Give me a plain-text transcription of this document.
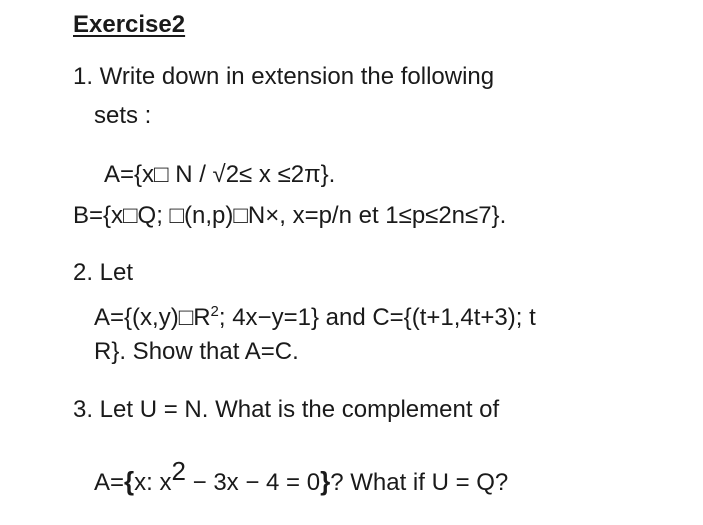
Exercise2
1. Write down in extension the following
sets :
A={x□ N / √2≤ x ≤2π}.
B={x□Q; □(n,p)□N×, x=p/n et 1≤p≤2n≤7}.
2. Let
$A=\{(x,y)□R^2$; 4x−y=1} and C={(t+1,4t+3); t
R}. Show that A=C.
3. Let U = N. What is the complement of
A={x: x2 − 3x − 4 = 0}? What if U = Q?
